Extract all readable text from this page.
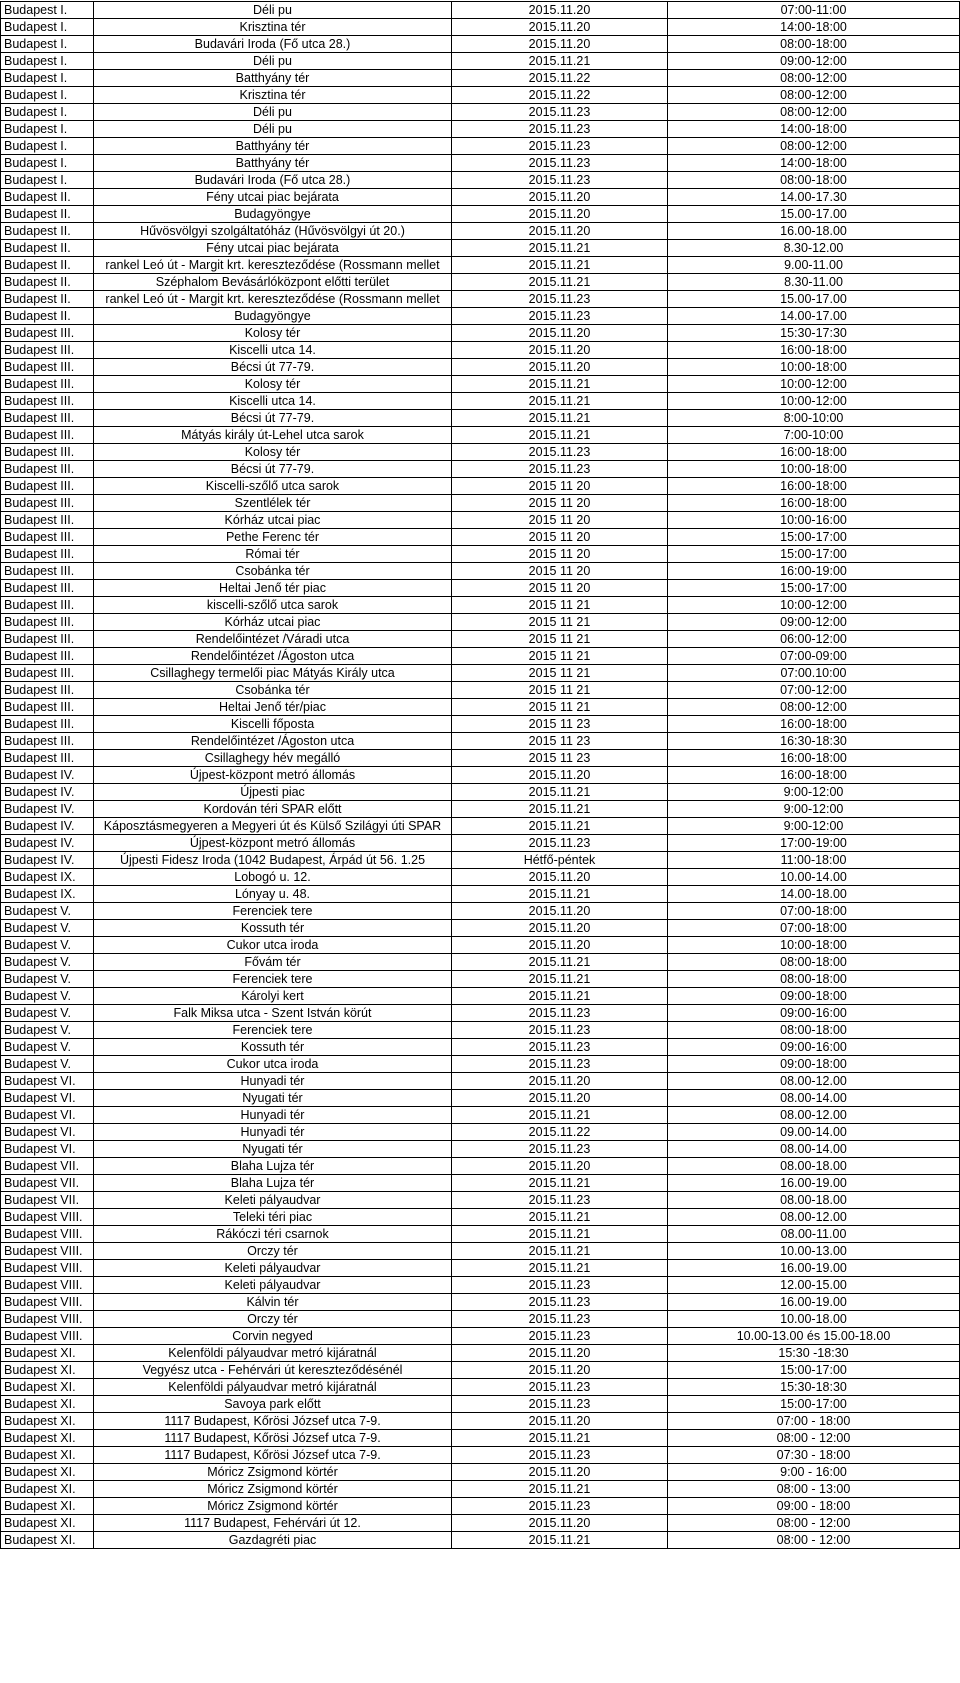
Budapest I.	Déli pu	2015.11.20	07:00-11:00
Budapest I.	Krisztina tér	2015.11.20	14:00-18:00
Budapest I.	Budavári Iroda (Fő utca 28.)	2015.11.20	08:00-18:00
Budapest I.	Déli pu	2015.11.21	09:00-12:00
Budapest I.	Batthyány tér	2015.11.22	08:00-12:00
Budapest I.	Krisztina tér	2015.11.22	08:00-12:00
Budapest I.	Déli pu	2015.11.23	08:00-12:00
Budapest I.	Déli pu	2015.11.23	14:00-18:00
Budapest I.	Batthyány tér	2015.11.23	08:00-12:00
Budapest I.	Batthyány tér	2015.11.23	14:00-18:00
Budapest I.	Budavári Iroda (Fő utca 28.)	2015.11.23	08:00-18:00
Budapest II.	Fény utcai piac bejárata	2015.11.20	14.00-17.30
Budapest II.	Budagyöngye	2015.11.20	15.00-17.00
Budapest II.	Hűvösvölgyi szolgáltatóház (Hűvösvölgyi út 20.)	2015.11.20	16.00-18.00
Budapest II.	Fény utcai piac bejárata	2015.11.21	8.30-12.00
Budapest II.	rankel Leó út - Margit krt. kereszteződése (Rossmann mellet	2015.11.21	9.00-11.00
Budapest II.	Széphalom Bevásárlóközpont előtti terület	2015.11.21	8.30-11.00
Budapest II.	rankel Leó út - Margit krt. kereszteződése (Rossmann mellet	2015.11.23	15.00-17.00
Budapest II.	Budagyöngye	2015.11.23	14.00-17.00
Budapest III.	Kolosy tér	2015.11.20	15:30-17:30
Budapest III.	Kiscelli utca 14.	2015.11.20	16:00-18:00
Budapest III.	Bécsi út 77-79.	2015.11.20	10:00-18:00
Budapest III.	Kolosy tér	2015.11.21	10:00-12:00
Budapest III.	Kiscelli utca 14.	2015.11.21	10:00-12:00
Budapest III.	Bécsi út 77-79.	2015.11.21	8:00-10:00
Budapest III.	Mátyás király út-Lehel utca sarok	2015.11.21	7:00-10:00
Budapest III.	Kolosy tér	2015.11.23	16:00-18:00
Budapest III.	Bécsi út 77-79.	2015.11.23	10:00-18:00
Budapest III.	Kiscelli-szőlő utca sarok	2015 11 20	16:00-18:00
Budapest III.	Szentlélek tér	2015 11 20	16:00-18:00
Budapest III.	Kórház utcai piac	2015 11 20	10:00-16:00
Budapest III.	Pethe Ferenc tér	2015 11 20	15:00-17:00
Budapest III.	Római tér	2015 11 20	15:00-17:00
Budapest III.	Csobánka tér	2015 11 20	16:00-19:00
Budapest III.	Heltai Jenő tér piac	2015 11 20	15:00-17:00
Budapest III.	kiscelli-szőlő utca sarok	2015 11 21	10:00-12:00
Budapest III.	Kórház utcai piac	2015 11 21	09:00-12:00
Budapest III.	Rendelőintézet /Váradi utca	2015 11 21	06:00-12:00
Budapest III.	Rendelőintézet /Ágoston utca	2015 11 21	07:00-09:00
Budapest III.	Csillaghegy termelői piac Mátyás Király utca	2015 11 21	07:00.10:00
Budapest III.	Csobánka tér	2015 11 21	07:00-12:00
Budapest III.	Heltai Jenő tér/piac	2015 11 21	08:00-12:00
Budapest III.	Kiscelli főposta	2015 11 23	16:00-18:00
Budapest III.	Rendelőintézet /Ágoston utca	2015 11 23	16:30-18:30
Budapest III.	Csillaghegy hév megálló	2015 11 23	16:00-18:00
Budapest IV.	Újpest-központ metró állomás	2015.11.20	16:00-18:00
Budapest IV.	Újpesti piac	2015.11.21	9:00-12:00
Budapest IV.	Kordován téri SPAR előtt	2015.11.21	9:00-12:00
Budapest IV.	Káposztásmegyeren a Megyeri út és Külső Szilágyi úti SPAR	2015.11.21	9:00-12:00
Budapest IV.	Újpest-központ metró állomás	2015.11.23	17:00-19:00
Budapest IV.	Újpesti Fidesz Iroda (1042 Budapest, Árpád út 56. 1.25	Hétfő-péntek	11:00-18:00
Budapest IX.	Lobogó u. 12.	2015.11.20	10.00-14.00
Budapest IX.	Lónyay u. 48.	2015.11.21	14.00-18.00
Budapest V.	Ferenciek tere	2015.11.20	07:00-18:00
Budapest V.	Kossuth tér	2015.11.20	07:00-18:00
Budapest V.	Cukor utca iroda	2015.11.20	10:00-18:00
Budapest V.	Fővám tér	2015.11.21	08:00-18:00
Budapest V.	Ferenciek tere	2015.11.21	08:00-18:00
Budapest V.	Károlyi kert	2015.11.21	09:00-18:00
Budapest V.	Falk Miksa utca - Szent István körút	2015.11.23	09:00-16:00
Budapest V.	Ferenciek tere	2015.11.23	08:00-18:00
Budapest V.	Kossuth tér	2015.11.23	09:00-16:00
Budapest V.	Cukor utca iroda	2015.11.23	09:00-18:00
Budapest VI.	Hunyadi tér	2015.11.20	08.00-12.00
Budapest VI.	Nyugati tér	2015.11.20	08.00-14.00
Budapest VI.	Hunyadi tér	2015.11.21	08.00-12.00
Budapest VI.	Hunyadi tér	2015.11.22	09.00-14.00
Budapest VI.	Nyugati tér	2015.11.23	08.00-14.00
Budapest VII.	Blaha Lujza tér	2015.11.20	08.00-18.00
Budapest VII.	Blaha Lujza tér	2015.11.21	16.00-19.00
Budapest VII.	Keleti pályaudvar	2015.11.23	08.00-18.00
Budapest VIII.	Teleki téri piac	2015.11.21	08.00-12.00
Budapest VIII.	Rákóczi téri csarnok	2015.11.21	08.00-11.00
Budapest VIII.	Orczy tér	2015.11.21	10.00-13.00
Budapest VIII.	Keleti pályaudvar	2015.11.21	16.00-19.00
Budapest VIII.	Keleti pályaudvar	2015.11.23	12.00-15.00
Budapest VIII.	Kálvin tér	2015.11.23	16.00-19.00
Budapest VIII.	Orczy tér	2015.11.23	10.00-18.00
Budapest VIII.	Corvin negyed	2015.11.23	10.00-13.00 és 15.00-18.00
Budapest XI.	Kelenföldi pályaudvar metró kijáratnál	2015.11.20	15:30 -18:30
Budapest XI.	Vegyész utca - Fehérvári út kereszteződésénél	2015.11.20	15:00-17:00
Budapest XI.	Kelenföldi pályaudvar metró kijáratnál	2015.11.23	15:30-18:30
Budapest XI.	Savoya park előtt	2015.11.23	15:00-17:00
Budapest XI.	1117 Budapest, Kőrösi József utca 7-9.	2015.11.20	07:00 - 18:00
Budapest XI.	1117 Budapest, Kőrösi József utca 7-9.	2015.11.21	08:00 - 12:00
Budapest XI.	1117 Budapest, Kőrösi József utca 7-9.	2015.11.23	07:30 - 18:00
Budapest XI.	Móricz Zsigmond körtér	2015.11.20	9:00 - 16:00
Budapest XI.	Móricz Zsigmond körtér	2015.11.21	08:00 - 13:00
Budapest XI.	Móricz Zsigmond körtér	2015.11.23	09:00 - 18:00
Budapest XI.	1117 Budapest, Fehérvári út 12.	2015.11.20	08:00 - 12:00
Budapest XI.	Gazdagréti piac	2015.11.21	08:00 - 12:00
